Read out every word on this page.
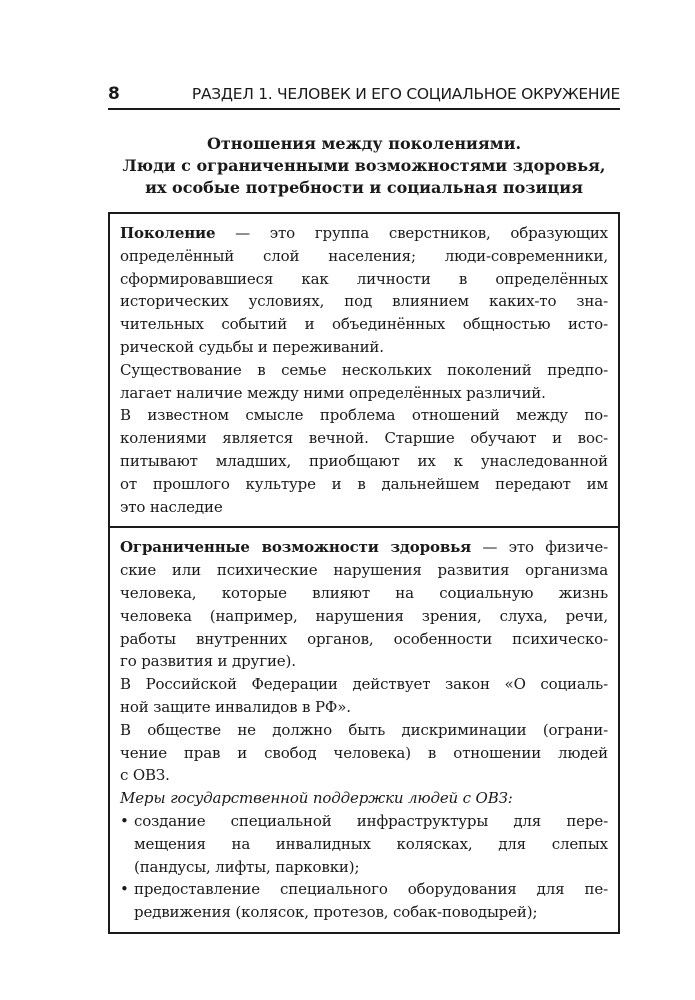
8	РАЗДЕЛ 1. ЧЕЛОВЕК И ЕГО СОЦИАЛЬНОЕ ОКРУЖЕНИЕ
Отношения между поколениями.
Люди с ограниченными возможностями здоровья,
их особые потребности и социальная позиция
Поколение — это группа сверстников, образующих
определённый слой населения; люди-современники,
сформировавшиеся как личности в определённых
исторических условиях, под влиянием каких-то зна-
чительных событий и объединённых общностью исто-
рической судьбы и переживаний.
Существование в семье нескольких поколений предпо-
лагает наличие между ними определённых различий.
В известном смысле проблема отношений между по-
колениями является вечной. Старшие обучают и вос-
питывают младших, приобщают их к унаследованной
от прошлого культуре и в дальнейшем передают им
это наследие
Ограниченные возможности здоровья — это физиче-
ские или психические нарушения развития организма
человека, которые влияют на социальную жизнь
человека (например, нарушения зрения, слуха, речи,
работы внутренних органов, особенности психическо-
го развития и другие).
В Российской Федерации действует закон «О социаль-
ной защите инвалидов в РФ».
В обществе не должно быть дискриминации (ограни-
чение прав и свобод человека) в отношении людей
с ОВЗ.
Меры государственной поддержки людей с ОВЗ:
• создание специальной инфраструктуры для пере-
мещения на инвалидных колясках, для слепых
(пандусы, лифты, парковки);
• предоставление специального оборудования для пе-
редвижения (колясок, протезов, собак-поводырей);
